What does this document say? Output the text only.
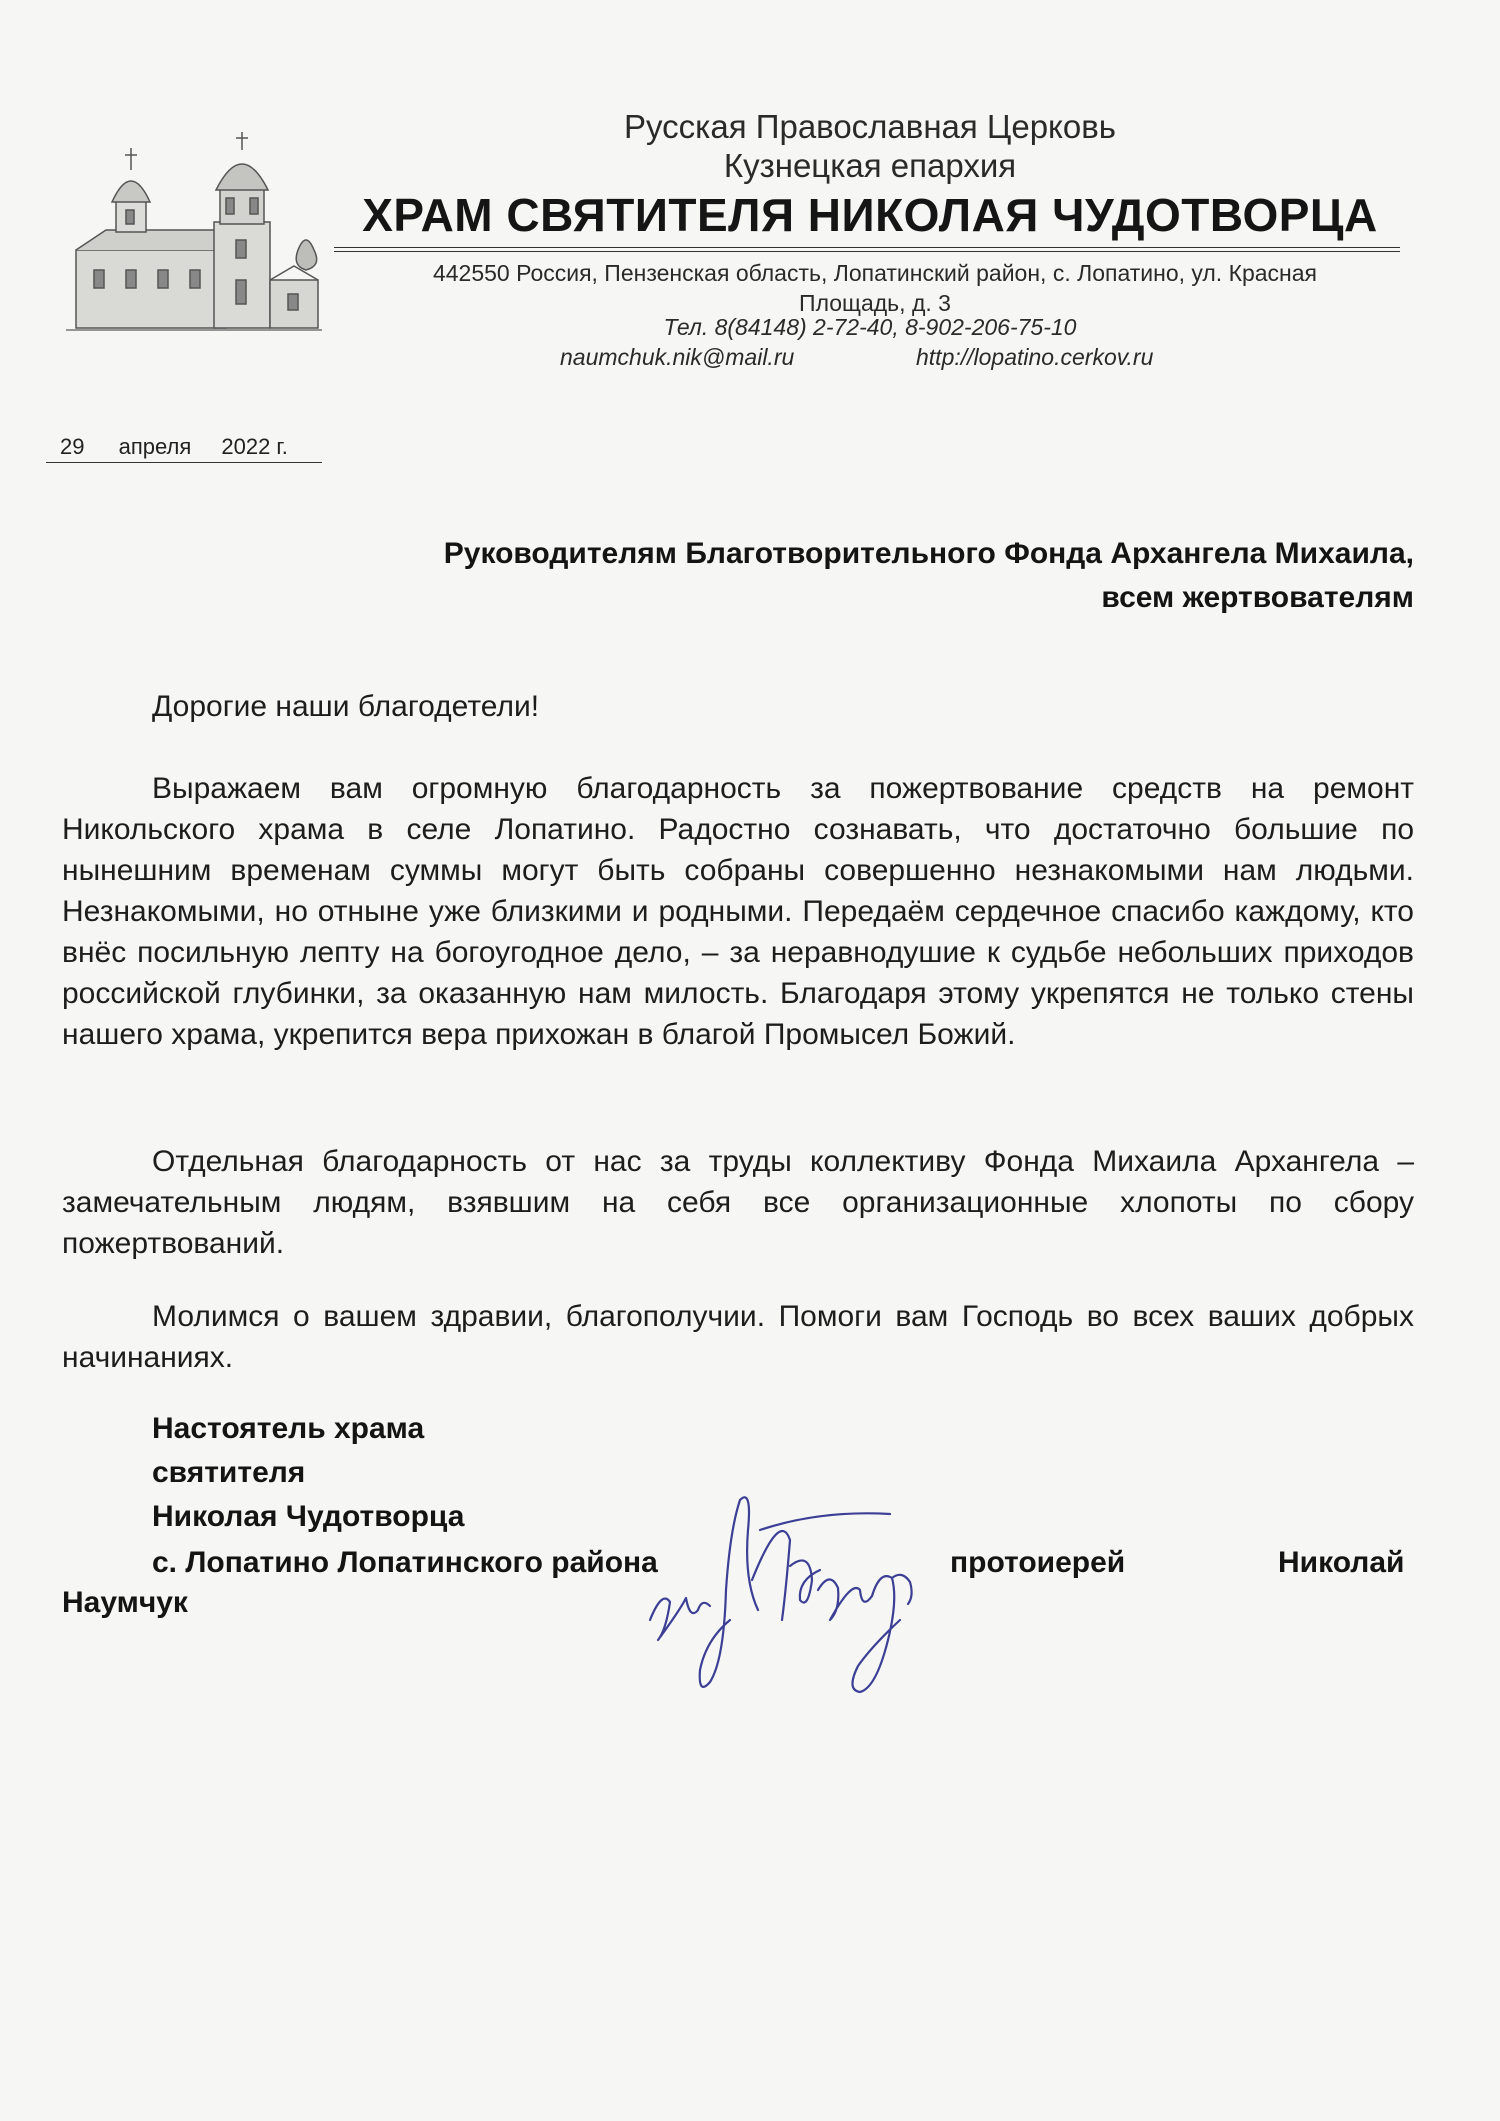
Русская Православная Церковь
Кузнецкая епархия
ХРАМ СВЯТИТЕЛЯ НИКОЛАЯ ЧУДОТВОРЦА
442550 Россия, Пензенская область, Лопатинский район, с. Лопатино, ул. Красная
Площадь, д. 3
Тел. 8(84148) 2-72-40, 8-902-206-75-10
naumchuk.nik@mail.ru	http://lopatino.cerkov.ru
29 апреля 2022 г.
Руководителям Благотворительного Фонда Архангела Михаила,
всем жертвователям
Дорогие наши благодетели!
Выражаем вам огромную благодарность за пожертвование средств на ремонт Никольского храма в селе Лопатино. Радостно сознавать, что достаточно большие по нынешним временам суммы могут быть собраны совершенно незнакомыми нам людьми. Незнакомыми, но отныне уже близкими и родными. Передаём сердечное спасибо каждому, кто внёс посильную лепту на богоугодное дело, – за неравнодушие к судьбе небольших приходов российской глубинки, за оказанную нам милость. Благодаря этому укрепятся не только стены нашего храма, укрепится вера прихожан в благой Промысел Божий.
Отдельная благодарность от нас за труды коллективу Фонда Михаила Архангела – замечательным людям, взявшим на себя все организационные хлопоты по сбору пожертвований.
Молимся о вашем здравии, благополучии. Помоги вам Господь во всех ваших добрых начинаниях.
Настоятель храма
святителя
Николая Чудотворца
с. Лопатино Лопатинского района	протоиерей	Николай
Наумчук
